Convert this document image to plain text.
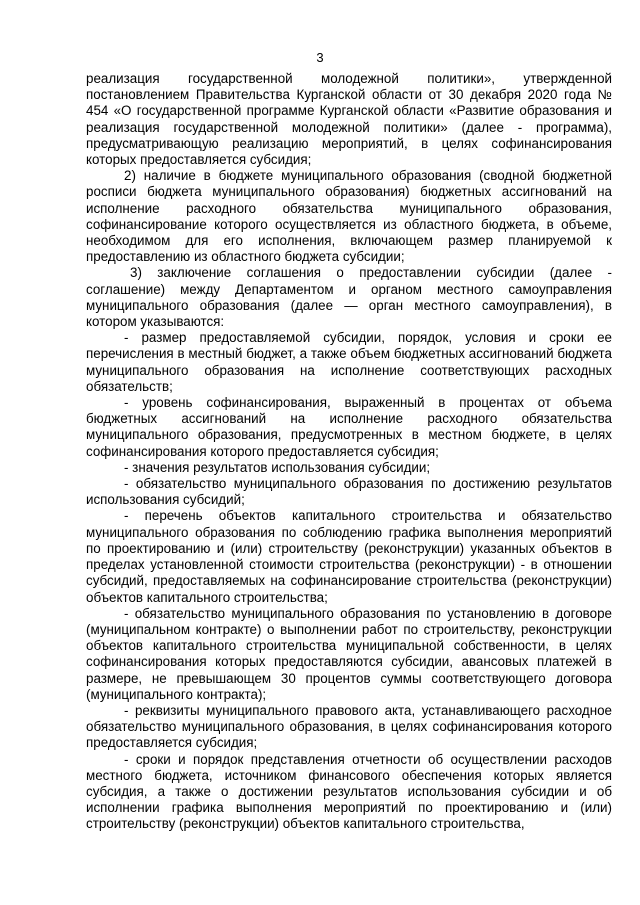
3

реализация государственной молодежной политики», утвержденной постановлением Правительства Курганской области от 30 декабря 2020 года № 454 «О государственной программе Курганской области «Развитие образования и реализация государственной молодежной политики» (далее - программа), предусматривающую реализацию мероприятий, в целях софинансирования которых предоставляется субсидия;

2) наличие в бюджете муниципального образования (сводной бюджетной росписи бюджета муниципального образования) бюджетных ассигнований на исполнение расходного обязательства муниципального образования, софинансирование которого осуществляется из областного бюджета, в объеме, необходимом для его исполнения, включающем размер планируемой к предоставлению из областного бюджета субсидии;

3) заключение соглашения о предоставлении субсидии (далее - соглашение) между Департаментом и органом местного самоуправления муниципального образования (далее — орган местного самоуправления), в котором указываются:

- размер предоставляемой субсидии, порядок, условия и сроки ее перечисления в местный бюджет, а также объем бюджетных ассигнований бюджета муниципального образования на исполнение соответствующих расходных обязательств;

- уровень софинансирования, выраженный в процентах от объема бюджетных ассигнований на исполнение расходного обязательства муниципального образования, предусмотренных в местном бюджете, в целях софинансирования которого предоставляется субсидия;

- значения результатов использования субсидии;

- обязательство муниципального образования по достижению результатов использования субсидий;

- перечень объектов капитального строительства и обязательство муниципального образования по соблюдению графика выполнения мероприятий по проектированию и (или) строительству (реконструкции) указанных объектов в пределах установленной стоимости строительства (реконструкции) - в отношении субсидий, предоставляемых на софинансирование строительства (реконструкции) объектов капитального строительства;

- обязательство муниципального образования по установлению в договоре (муниципальном контракте) о выполнении работ по строительству, реконструкции объектов капитального строительства муниципальной собственности, в целях софинансирования которых предоставляются субсидии, авансовых платежей в размере, не превышающем 30 процентов суммы соответствующего договора (муниципального контракта);

- реквизиты муниципального правового акта, устанавливающего расходное обязательство муниципального образования, в целях софинансирования которого предоставляется субсидия;

- сроки и порядок представления отчетности об осуществлении расходов местного бюджета, источником финансового обеспечения которых является субсидия, а также о достижении результатов использования субсидии и об исполнении графика выполнения мероприятий по проектированию и (или) строительству (реконструкции) объектов капитального строительства,
